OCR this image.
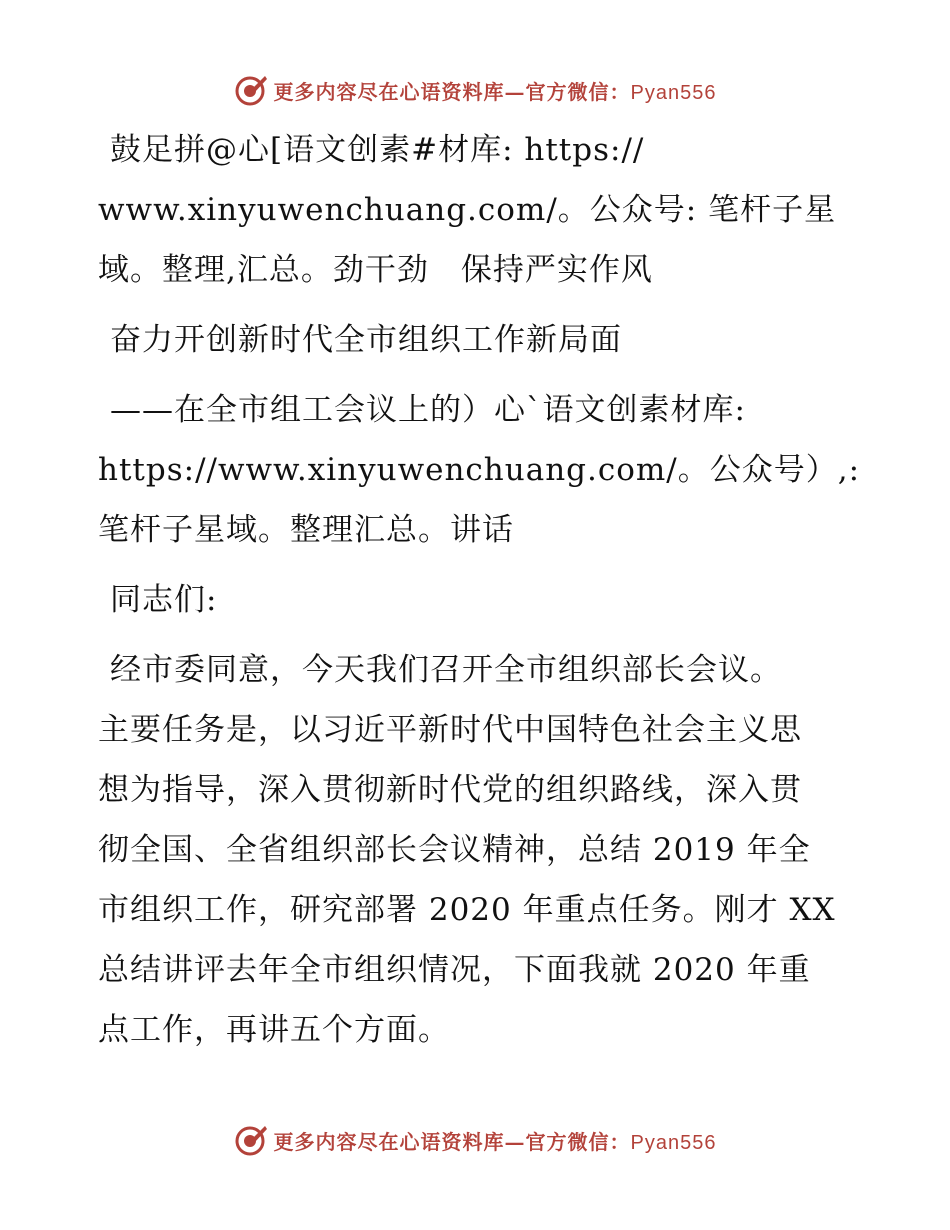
更多内容尽在心语资料库—官方微信：Pyan556
鼓足拼@心[语文创素#材库: https://
www.xinyuwenchuang.com/。公众号: 笔杆子星
域。整理,汇总。劲干劲　保持严实作风
奋力开创新时代全市组织工作新局面
——在全市组工会议上的）心`语文创素材库:
https://www.xinyuwenchuang.com/。公众号）,:
笔杆子星域。整理汇总。讲话
同志们:
经市委同意，今天我们召开全市组织部长会议。
主要任务是，以习近平新时代中国特色社会主义思
想为指导，深入贯彻新时代党的组织路线，深入贯
彻全国、全省组织部长会议精神，总结 2019 年全
市组织工作，研究部署 2020 年重点任务。刚才 XX
总结讲评去年全市组织情况，下面我就 2020 年重
点工作，再讲五个方面。
更多内容尽在心语资料库—官方微信：Pyan556
